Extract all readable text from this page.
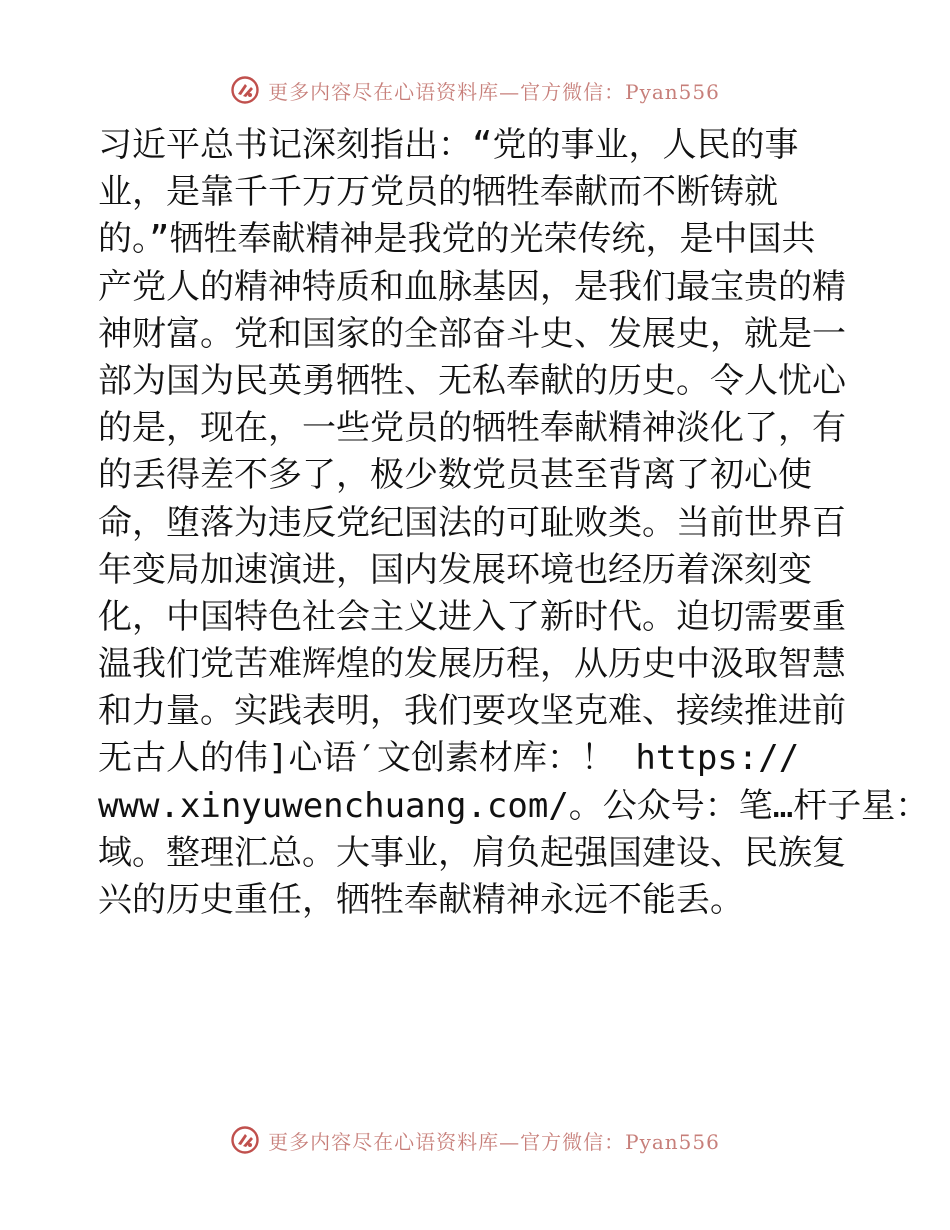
更多内容尽在心语资料库—官方微信：Pyan556
习近平总书记深刻指出：“党的事业，人民的事
业，是靠千千万万党员的牺牲奉献而不断铸就
的。”牺牲奉献精神是我党的光荣传统，是中国共
产党人的精神特质和血脉基因，是我们最宝贵的精
神财富。党和国家的全部奋斗史、发展史，就是一
部为国为民英勇牺牲、无私奉献的历史。令人忧心
的是，现在，一些党员的牺牲奉献精神淡化了，有
的丢得差不多了，极少数党员甚至背离了初心使
命，堕落为违反党纪国法的可耻败类。当前世界百
年变局加速演进，国内发展环境也经历着深刻变
化，中国特色社会主义进入了新时代。迫切需要重
温我们党苦难辉煌的发展历程，从历史中汲取智慧
和力量。实践表明，我们要攻坚克难、接续推进前
无古人的伟]心语′文创素材库：！ https://
www.xinyuwenchuang.com/。公众号：笔…杆子星：
域。整理汇总。大事业，肩负起强国建设、民族复
兴的历史重任，牺牲奉献精神永远不能丢。
更多内容尽在心语资料库—官方微信：Pyan556
